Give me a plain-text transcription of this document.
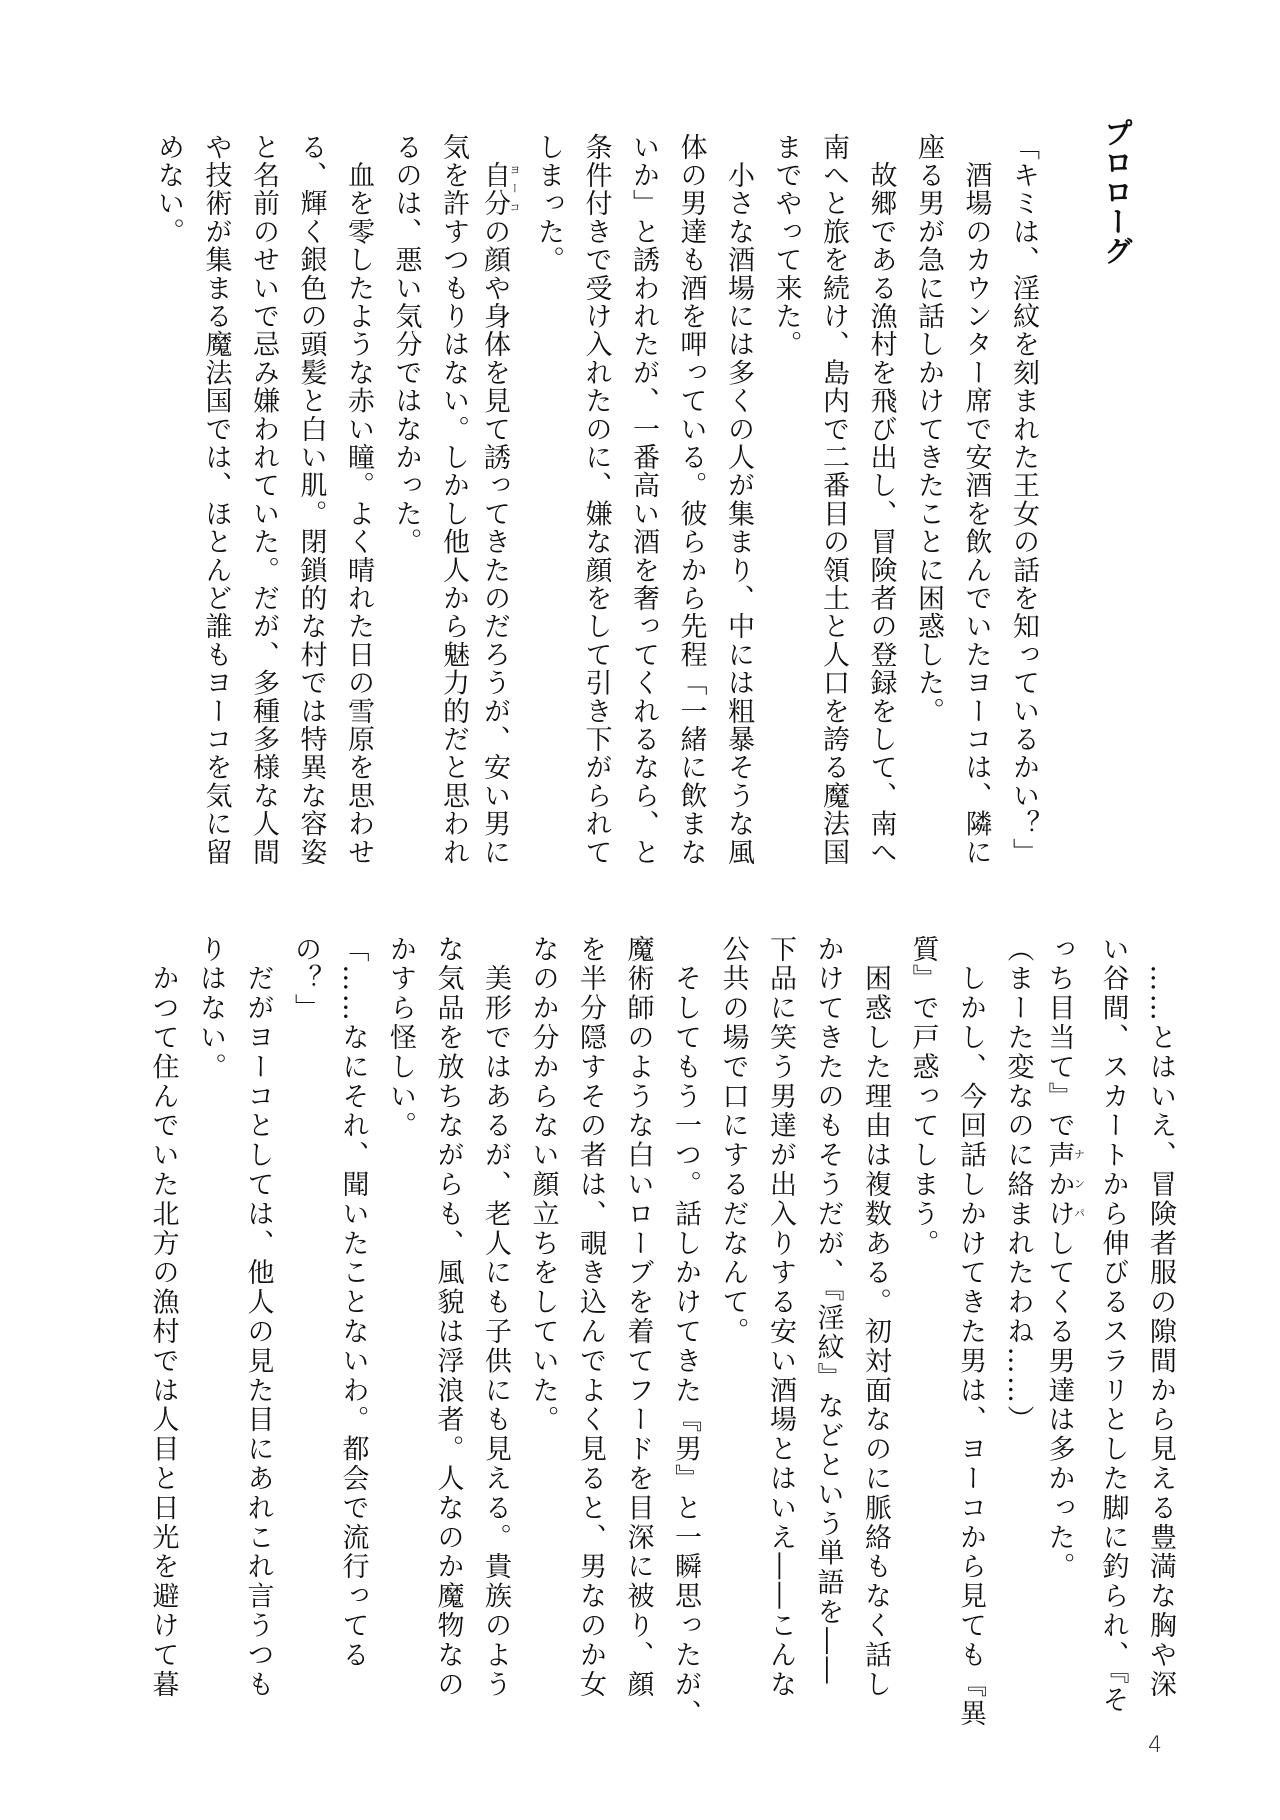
プロローグ
「キミは、淫紋を刻まれた王女の話を知っているかい？」
　酒場のカウンター席で安酒を飲んでいたヨーコは、隣に
座る男が急に話しかけてきたことに困惑した。
　故郷である漁村を飛び出し、冒険者の登録をして、南へ
南へと旅を続け、島内で二番目の領土と人口を誇る魔法国
までやって来た。
　小さな酒場には多くの人が集まり、中には粗暴そうな風
体の男達も酒を呷っている。彼らから先程「一緒に飲まな
いか」と誘われたが、一番高い酒を奢ってくれるなら、と
条件付きで受け入れたのに、嫌な顔をして引き下がられて
しまった。
　自分ヨーコの顔や身体を見て誘ってきたのだろうが、安い男に
気を許すつもりはない。しかし他人から魅力的だと思われ
るのは、悪い気分ではなかった。
　血を零したような赤い瞳。よく晴れた日の雪原を思わせ
る、輝く銀色の頭髪と白い肌。閉鎖的な村では特異な容姿
と名前のせいで忌み嫌われていた。だが、多種多様な人間
や技術が集まる魔法国では、ほとんど誰もヨーコを気に留
めない。
　……とはいえ、冒険者服の隙間から見える豊満な胸や深
い谷間、スカートから伸びるスラリとした脚に釣られ、『そ
っち目当て』で声かけナンパしてくる男達は多かった。
（まーた変なのに絡まれたわね……）
　しかし、今回話しかけてきた男は、ヨーコから見ても『異
質』で戸惑ってしまう。
　困惑した理由は複数ある。初対面なのに脈絡もなく話し
かけてきたのもそうだが、『淫紋』などという単語を――
下品に笑う男達が出入りする安い酒場とはいえ――こんな
公共の場で口にするだなんて。
　そしてもう一つ。話しかけてきた『男』と一瞬思ったが、
魔術師のような白いローブを着てフードを目深に被り、顔
を半分隠すその者は、覗き込んでよく見ると、男なのか女
なのか分からない顔立ちをしていた。
　美形ではあるが、老人にも子供にも見える。貴族のよう
な気品を放ちながらも、風貌は浮浪者。人なのか魔物なの
かすら怪しい。
「……なにそれ、聞いたことないわ。都会で流行ってる
の？」
　だがヨーコとしては、他人の見た目にあれこれ言うつも
りはない。
　かつて住んでいた北方の漁村では人目と日光を避けて暮
4
